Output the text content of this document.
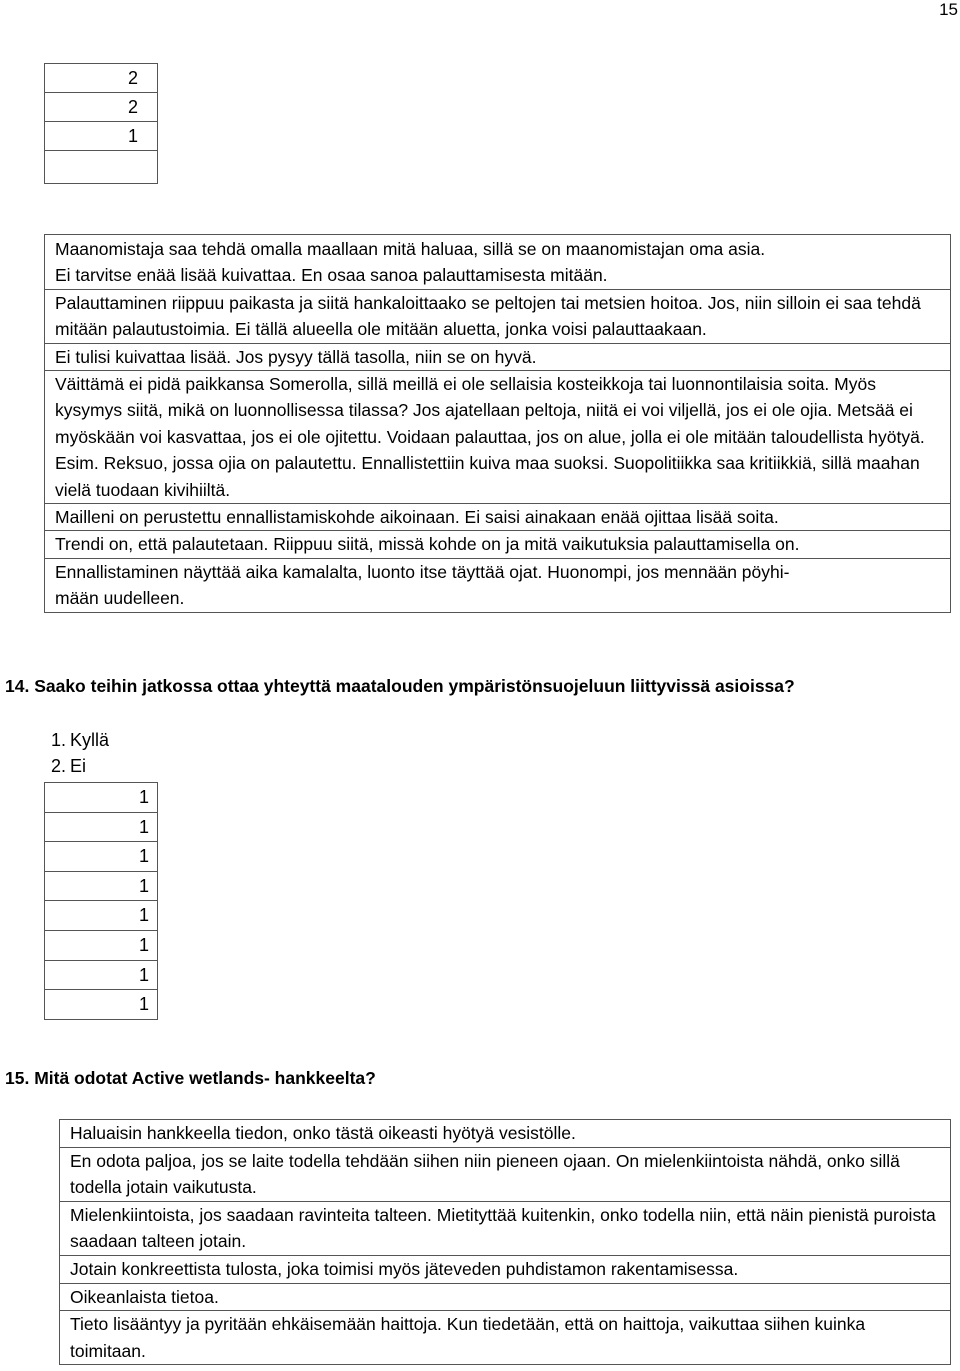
15
2
2
1

Maanomistaja saa tehdä omalla maallaan mitä haluaa, sillä se on maanomistajan oma asia.
Ei tarvitse enää lisää kuivattaa. En osaa sanoa palauttamisesta mitään.

Palauttaminen riippuu paikasta ja siitä hankaloittaako se peltojen tai metsien hoitoa. Jos, niin silloin ei saa tehdä mitään palautustoimia. Ei tällä alueella ole mitään aluetta, jonka voisi palauttaakaan.
Ei tulisi kuivattaa lisää. Jos pysyy tällä tasolla, niin se on hyvä.
Väittämä ei pidä paikkansa Somerolla, sillä meillä ei ole sellaisia kosteikkoja tai luonnontilaisia soita. Myös kysymys siitä, mikä on luonnollisessa tilassa? Jos ajatellaan peltoja, niitä ei voi viljellä, jos ei ole ojia. Metsää ei myöskään voi kasvattaa, jos ei ole ojitettu. Voidaan palauttaa, jos on alue, jolla ei ole mitään taloudellista hyötyä. Esim. Reksuo, jossa ojia on palautettu. Ennallistettiin kuiva maa suoksi. Suopolitiikka saa kritiikkiä, sillä maahan vielä tuodaan kivihiiltä.
Mailleni on perustettu ennallistamiskohde aikoinaan. Ei saisi ainakaan enää ojittaa lisää soita.
Trendi on, että palautetaan. Riippuu siitä, missä kohde on ja mitä vaikutuksia palauttamisella on.

Ennallistaminen näyttää aika kamalalta, luonto itse täyttää ojat. Huonompi, jos mennään pöyhi-
mään uudelleen.
14. Saako teihin jatkossa ottaa yhteyttä maatalouden ympäristönsuojeluun liittyvissä asioissa?
1. Kyllä
2. Ei
1
1
1
1
1
1
1
1
15. Mitä odotat Active wetlands- hankkeelta?
Haluaisin hankkeella tiedon, onko tästä oikeasti hyötyä vesistölle.
En odota paljoa, jos se laite todella tehdään siihen niin pieneen ojaan. On mielenkiintoista nähdä, onko sillä todella jotain vaikutusta.
Mielenkiintoista, jos saadaan ravinteita talteen. Mietityttää kuitenkin, onko todella niin, että näin pienistä puroista saadaan talteen jotain.
Jotain konkreettista tulosta, joka toimisi myös jäteveden puhdistamon rakentamisessa.
Oikeanlaista tietoa.
Tieto lisääntyy ja pyritään ehkäisemään haittoja. Kun tiedetään, että on haittoja, vaikuttaa siihen kuinka toimitaan.
